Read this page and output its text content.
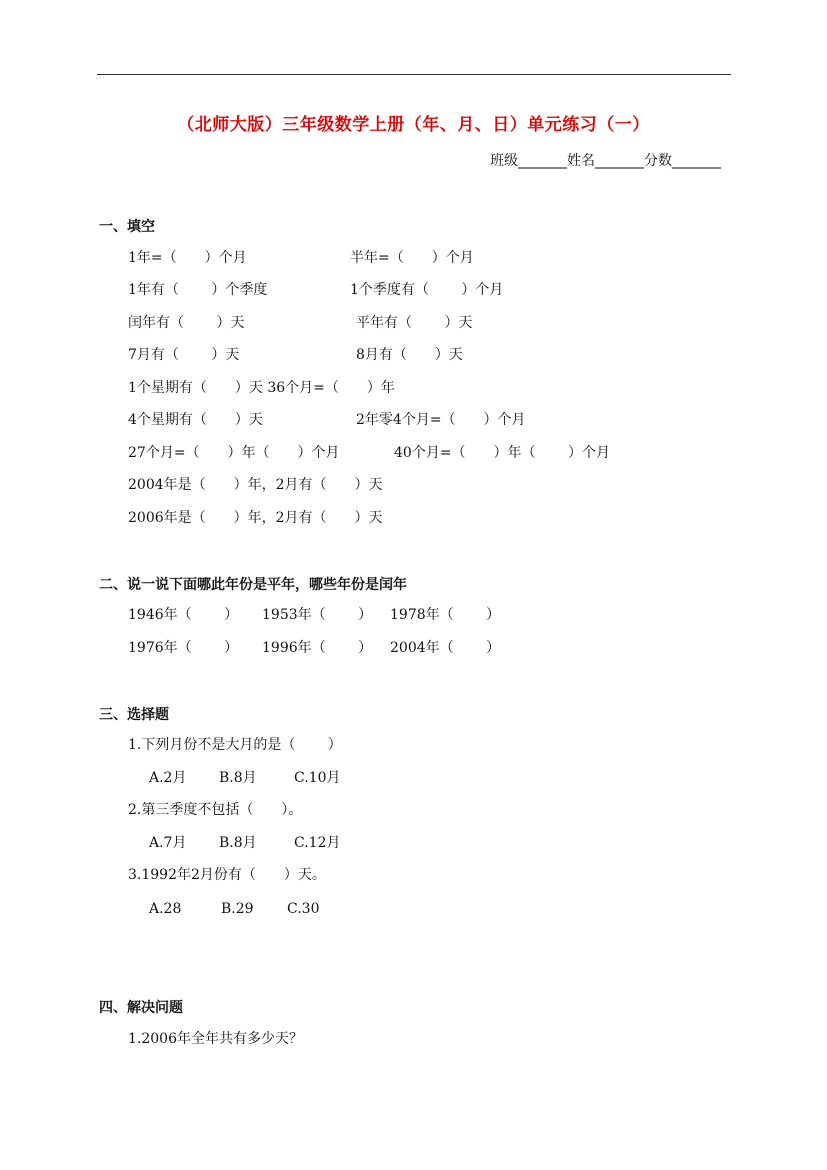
（北师大版）三年级数学上册（年、月、日）单元练习（一）
班级_______姓名_______分数_______
一、填空
1年=（　　）个月	半年=（　　）个月
1年有（　　 ）个季度	1个季度有（　　 ）个月
闰年有（　　 ）天	平年有（　　 ）天
7月有（　　 ）天	8月有（　　）天
1个星期有（　　）天 36个月=（　　）年
4个星期有（　　）天	2年零4个月=（　　）个月
27个月=（　　）年（　　）个月	40个月=（　　）年（　　 ）个月
2004年是（　　）年，2月有（　　）天
2006年是（　　）年，2月有（　　）天
二、说一说下面哪此年份是平年，哪些年份是闰年
1946年（　　 ） 1953年（　　 ） 1978年（　　 ）
1976年（　　 ） 1996年（　　 ） 2004年（　　 ）
三、选择题
1.下列月份不是大月的是（　　 ）
A.2月 B.8月	C.10月
2.第三季度不包括（　　）。
A.7月 B.8月	C.12月
3.1992年2月份有（　　）天。
A.28	B.29 C.30
四、解决问题
1.2006年全年共有多少天？
